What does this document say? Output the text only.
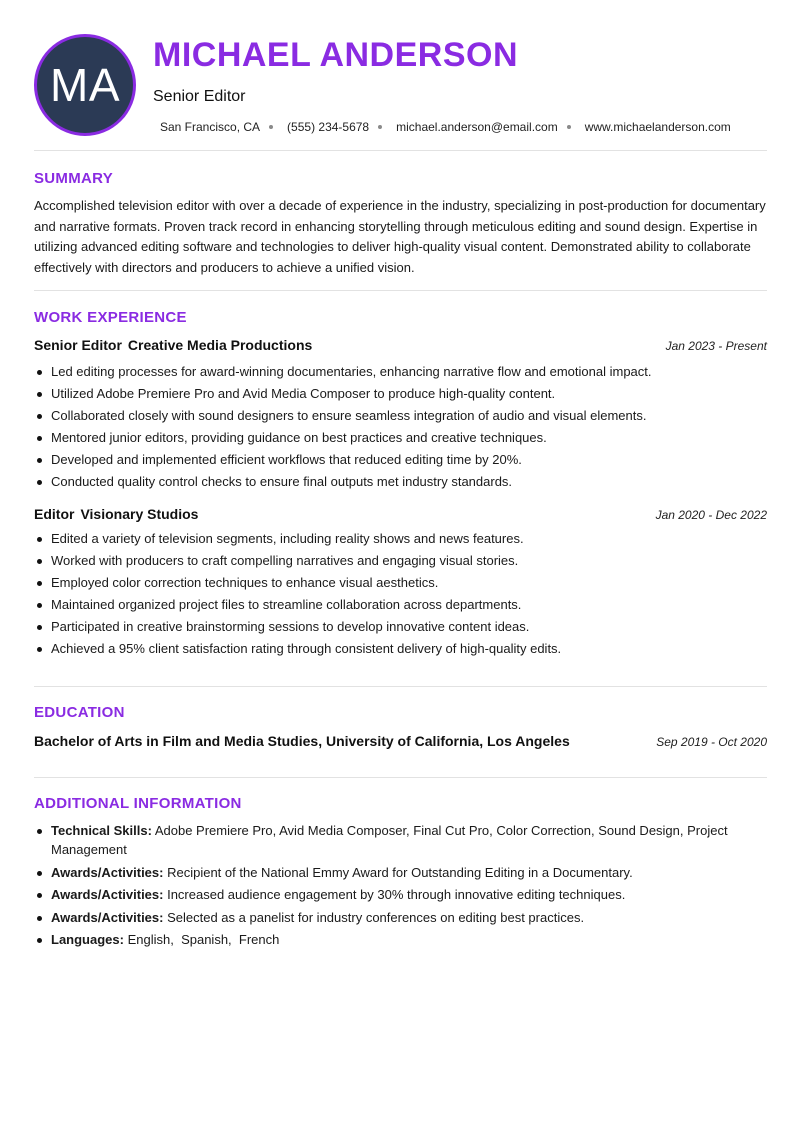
MA
MICHAEL ANDERSON
Senior Editor
San Francisco, CA (555) 234-5678 michael.anderson@email.com www.michaelanderson.com
SUMMARY

Accomplished television editor with over a decade of experience in the industry, specializing in post-production for documentary and narrative formats. Proven track record in enhancing storytelling through meticulous editing and sound design. Expertise in utilizing advanced editing software and technologies to deliver high-quality visual content. Demonstrated ability to collaborate effectively with directors and producers to achieve a unified vision.

WORK EXPERIENCE
Senior Editor Creative Media Productions	Jan 2023 - Present
Led editing processes for award-winning documentaries, enhancing narrative flow and emotional impact.
Utilized Adobe Premiere Pro and Avid Media Composer to produce high-quality content.
Collaborated closely with sound designers to ensure seamless integration of audio and visual elements.
Mentored junior editors, providing guidance on best practices and creative techniques.
Developed and implemented efficient workflows that reduced editing time by 20%.
Conducted quality control checks to ensure final outputs met industry standards.
Editor Visionary Studios	Jan 2020 - Dec 2022
Edited a variety of television segments, including reality shows and news features.
Worked with producers to craft compelling narratives and engaging visual stories.
Employed color correction techniques to enhance visual aesthetics.
Maintained organized project files to streamline collaboration across departments.
Participated in creative brainstorming sessions to develop innovative content ideas.
Achieved a 95% client satisfaction rating through consistent delivery of high-quality edits.
EDUCATION
Bachelor of Arts in Film and Media Studies, University of California, Los Angeles	Sep 2019 - Oct 2020
ADDITIONAL INFORMATION
Technical Skills: Adobe Premiere Pro, Avid Media Composer, Final Cut Pro, Color Correction, Sound Design, Project Management
Awards/Activities: Recipient of the National Emmy Award for Outstanding Editing in a Documentary.
Awards/Activities: Increased audience engagement by 30% through innovative editing techniques.
Awards/Activities: Selected as a panelist for industry conferences on editing best practices.
Languages: English,  Spanish,  French
